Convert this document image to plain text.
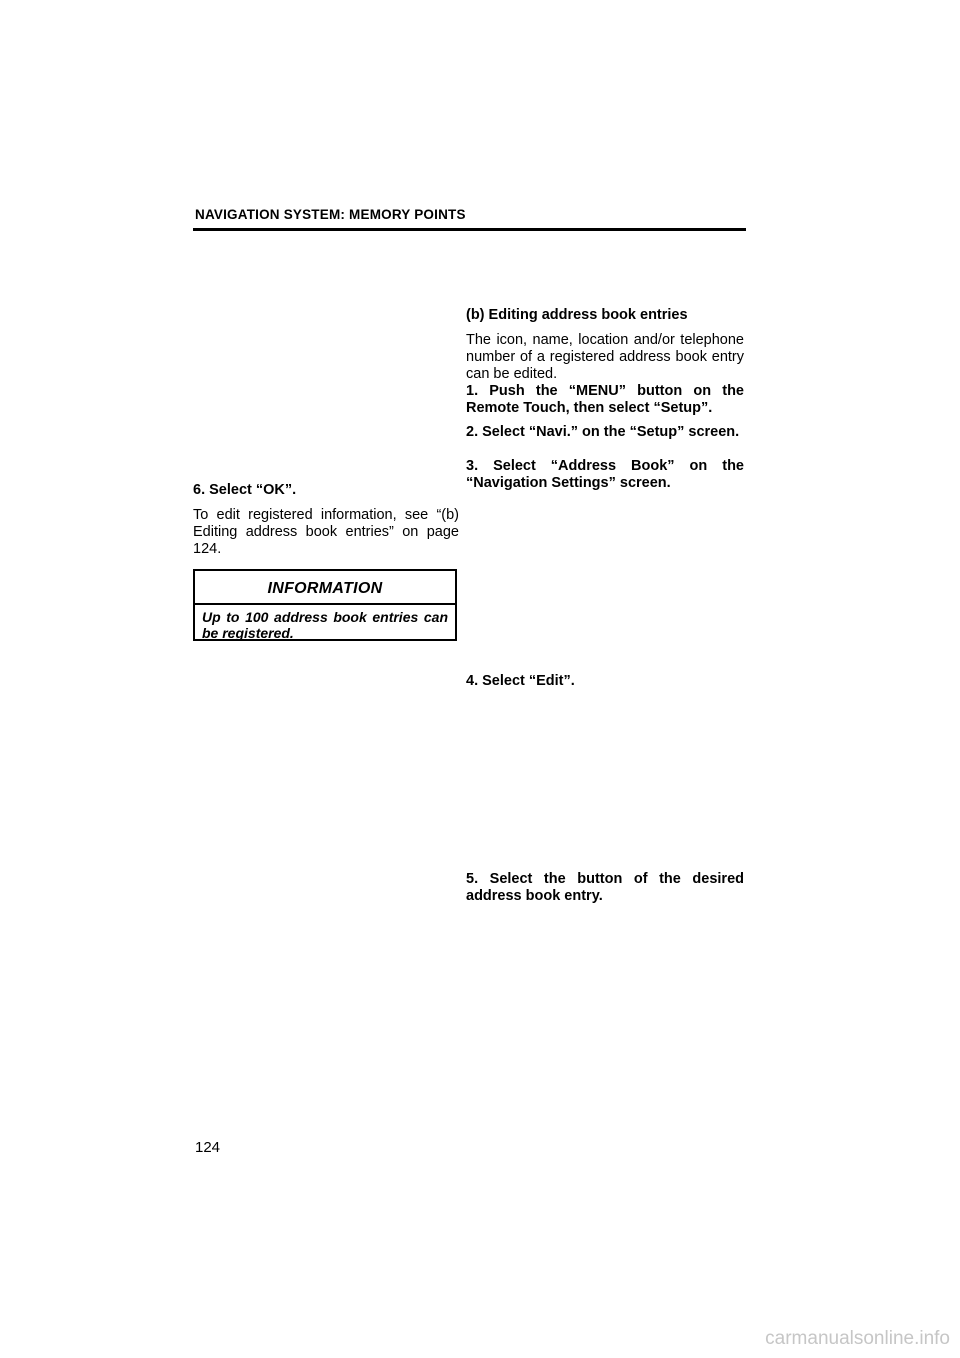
NAVIGATION SYSTEM: MEMORY POINTS

6. Select “OK”.

To edit registered information, see “(b) Editing address book entries” on page 124.

INFORMATION
Up to 100 address book entries can be registered.

(b) Editing address book entries

The icon, name, location and/or telephone number of a registered address book entry can be edited.

1. Push the “MENU” button on the Remote Touch, then select “Setup”.

2. Select “Navi.” on the “Setup” screen.

3. Select “Address Book” on the “Navigation Settings” screen.

4. Select “Edit”.

5. Select the button of the desired address book entry.

124
carmanualsonline.info
